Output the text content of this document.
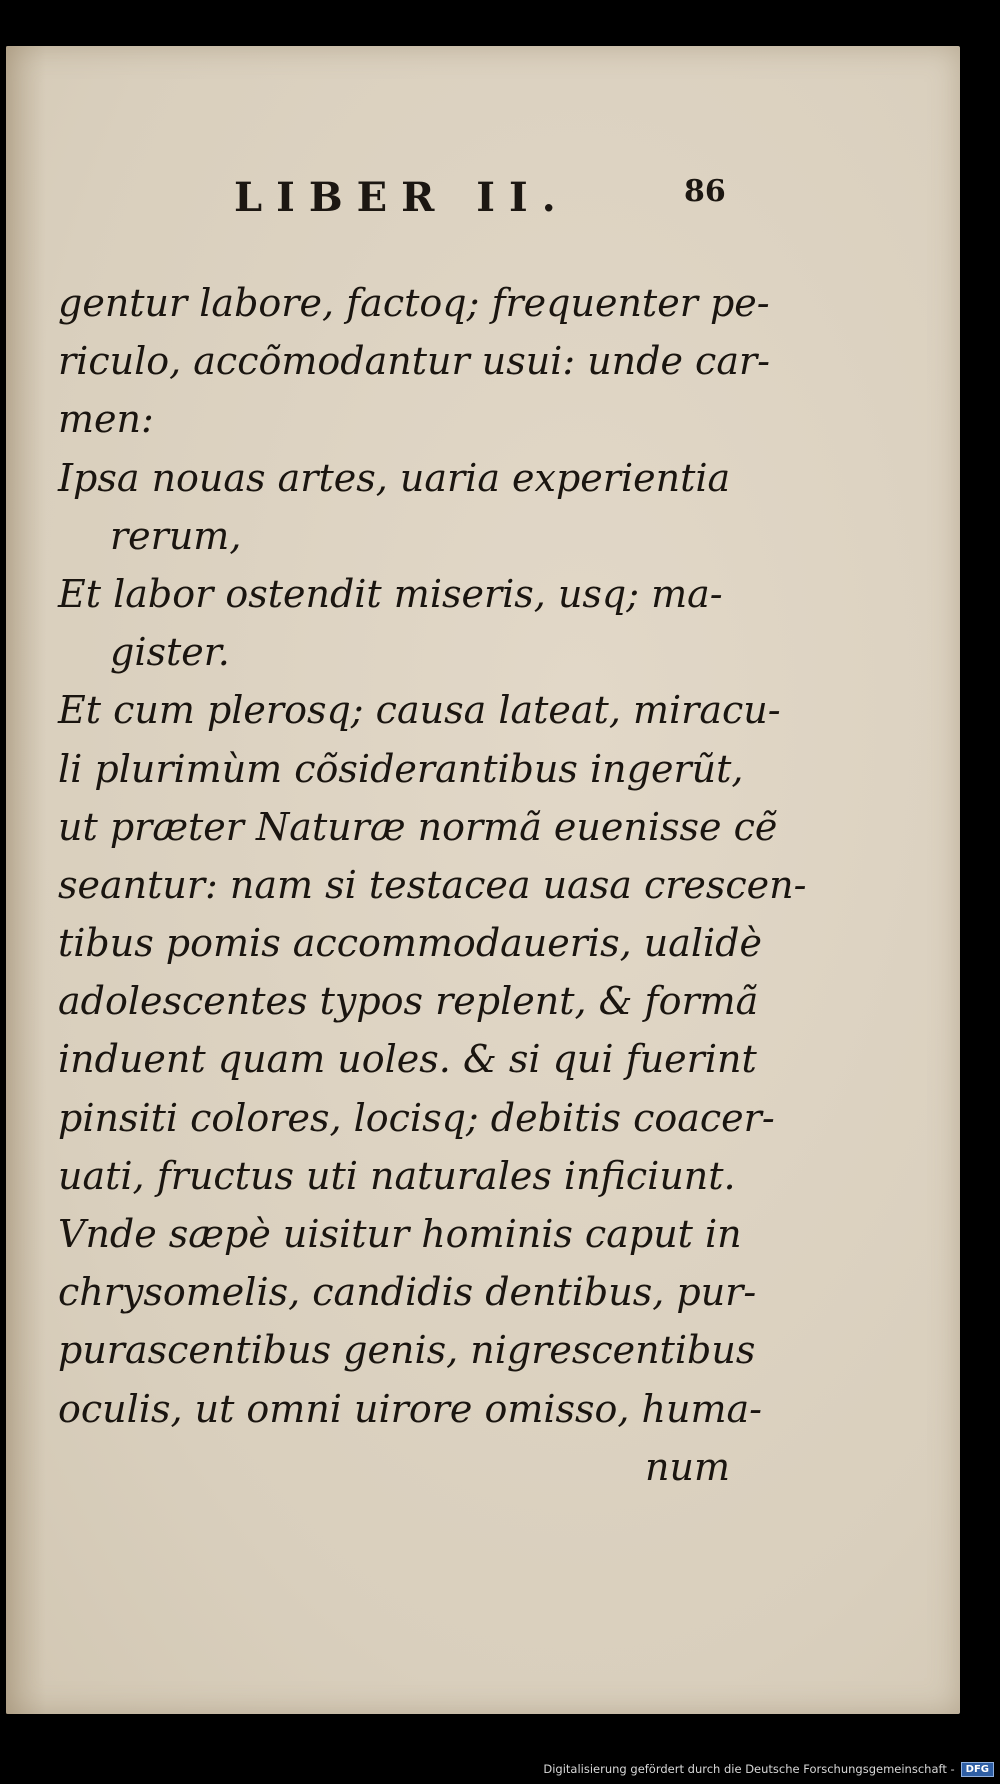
LIBER II.	86
gentur labore, factoq; frequenter pe-
riculo, accõmodantur usui: unde car-
men:
Ipsa nouas artes, uaria experientia
rerum,
Et labor ostendit miseris, usq; ma-
gister.
Et cum plerosq; causa lateat, miracu-
li plurimùm cõsiderantibus ingerũt,
ut præter Naturæ normã euenisse cẽ
seantur: nam si testacea uasa crescen-
tibus pomis accommodaueris, ualidè
adolescentes typos replent, & formã
induent quam uoles. & si qui fuerint
pinsiti colores, locisq; debitis coacer-
uati, fructus uti naturales inficiunt.
Vnde sæpè uisitur hominis caput in
chrysomelis, candidis dentibus, pur-
purascentibus genis, nigrescentibus
oculis, ut omni uirore omisso, huma-
num
Digitalisierung gefördert durch die Deutsche Forschungsgemeinschaft -	DFG
